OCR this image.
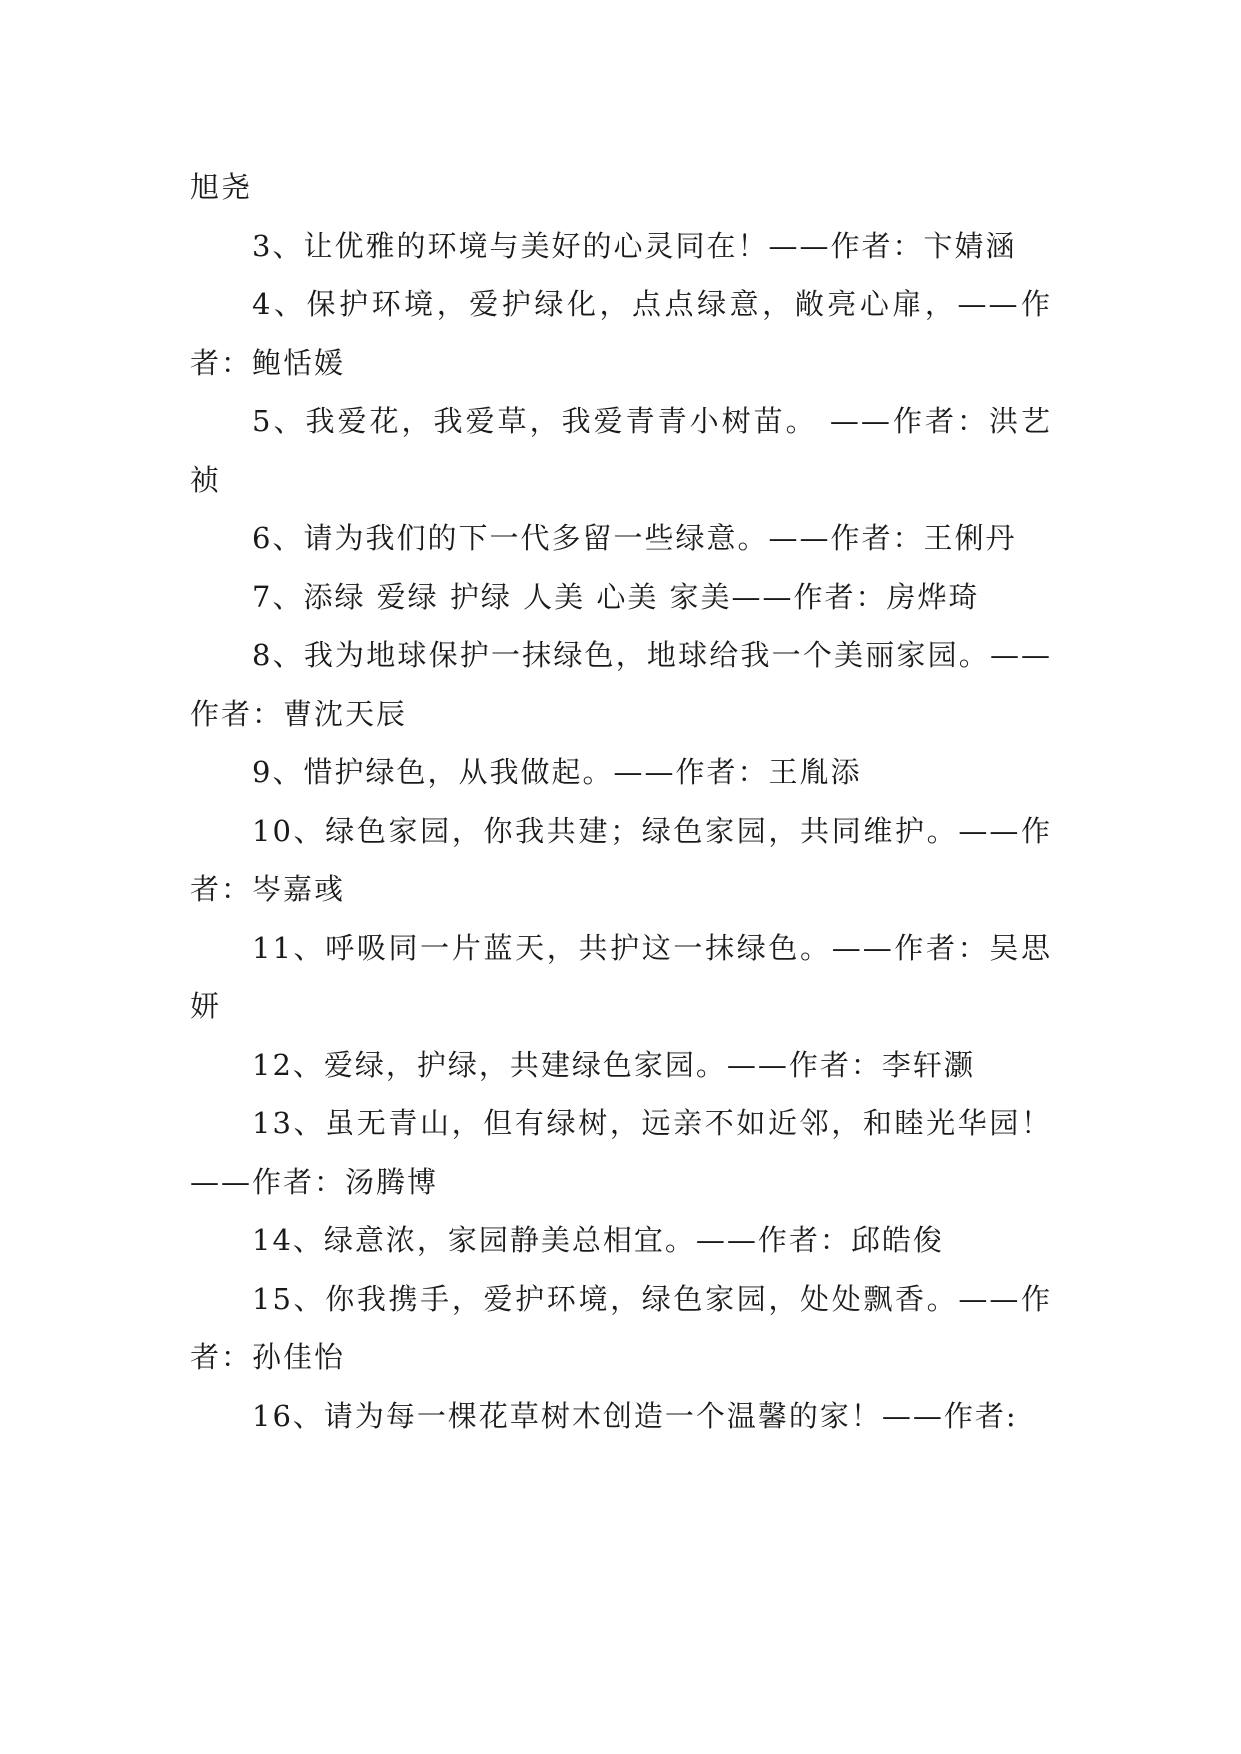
旭尧

3、让优雅的环境与美好的心灵同在！——作者：卞婧涵

4、保护环境，爱护绿化，点点绿意，敞亮心扉，——作者：鲍恬媛

5、我爱花，我爱草，我爱青青小树苗。 ——作者：洪艺祯

6、请为我们的下一代多留一些绿意。——作者：王俐丹

7、添绿 爱绿 护绿 人美 心美 家美——作者：房烨琦

8、我为地球保护一抹绿色，地球给我一个美丽家园。——作者：曹沈天辰

9、惜护绿色，从我做起。——作者：王胤添

10、绿色家园，你我共建；绿色家园，共同维护。——作者：岑嘉彧

11、呼吸同一片蓝天，共护这一抹绿色。——作者：吴思妍

12、爱绿，护绿，共建绿色家园。——作者：李轩灏

13、虽无青山，但有绿树，远亲不如近邻，和睦光华园！——作者：汤腾博

14、绿意浓，家园静美总相宜。——作者：邱皓俊

15、你我携手，爱护环境，绿色家园，处处飘香。——作者：孙佳怡

16、请为每一棵花草树木创造一个温馨的家！——作者:
